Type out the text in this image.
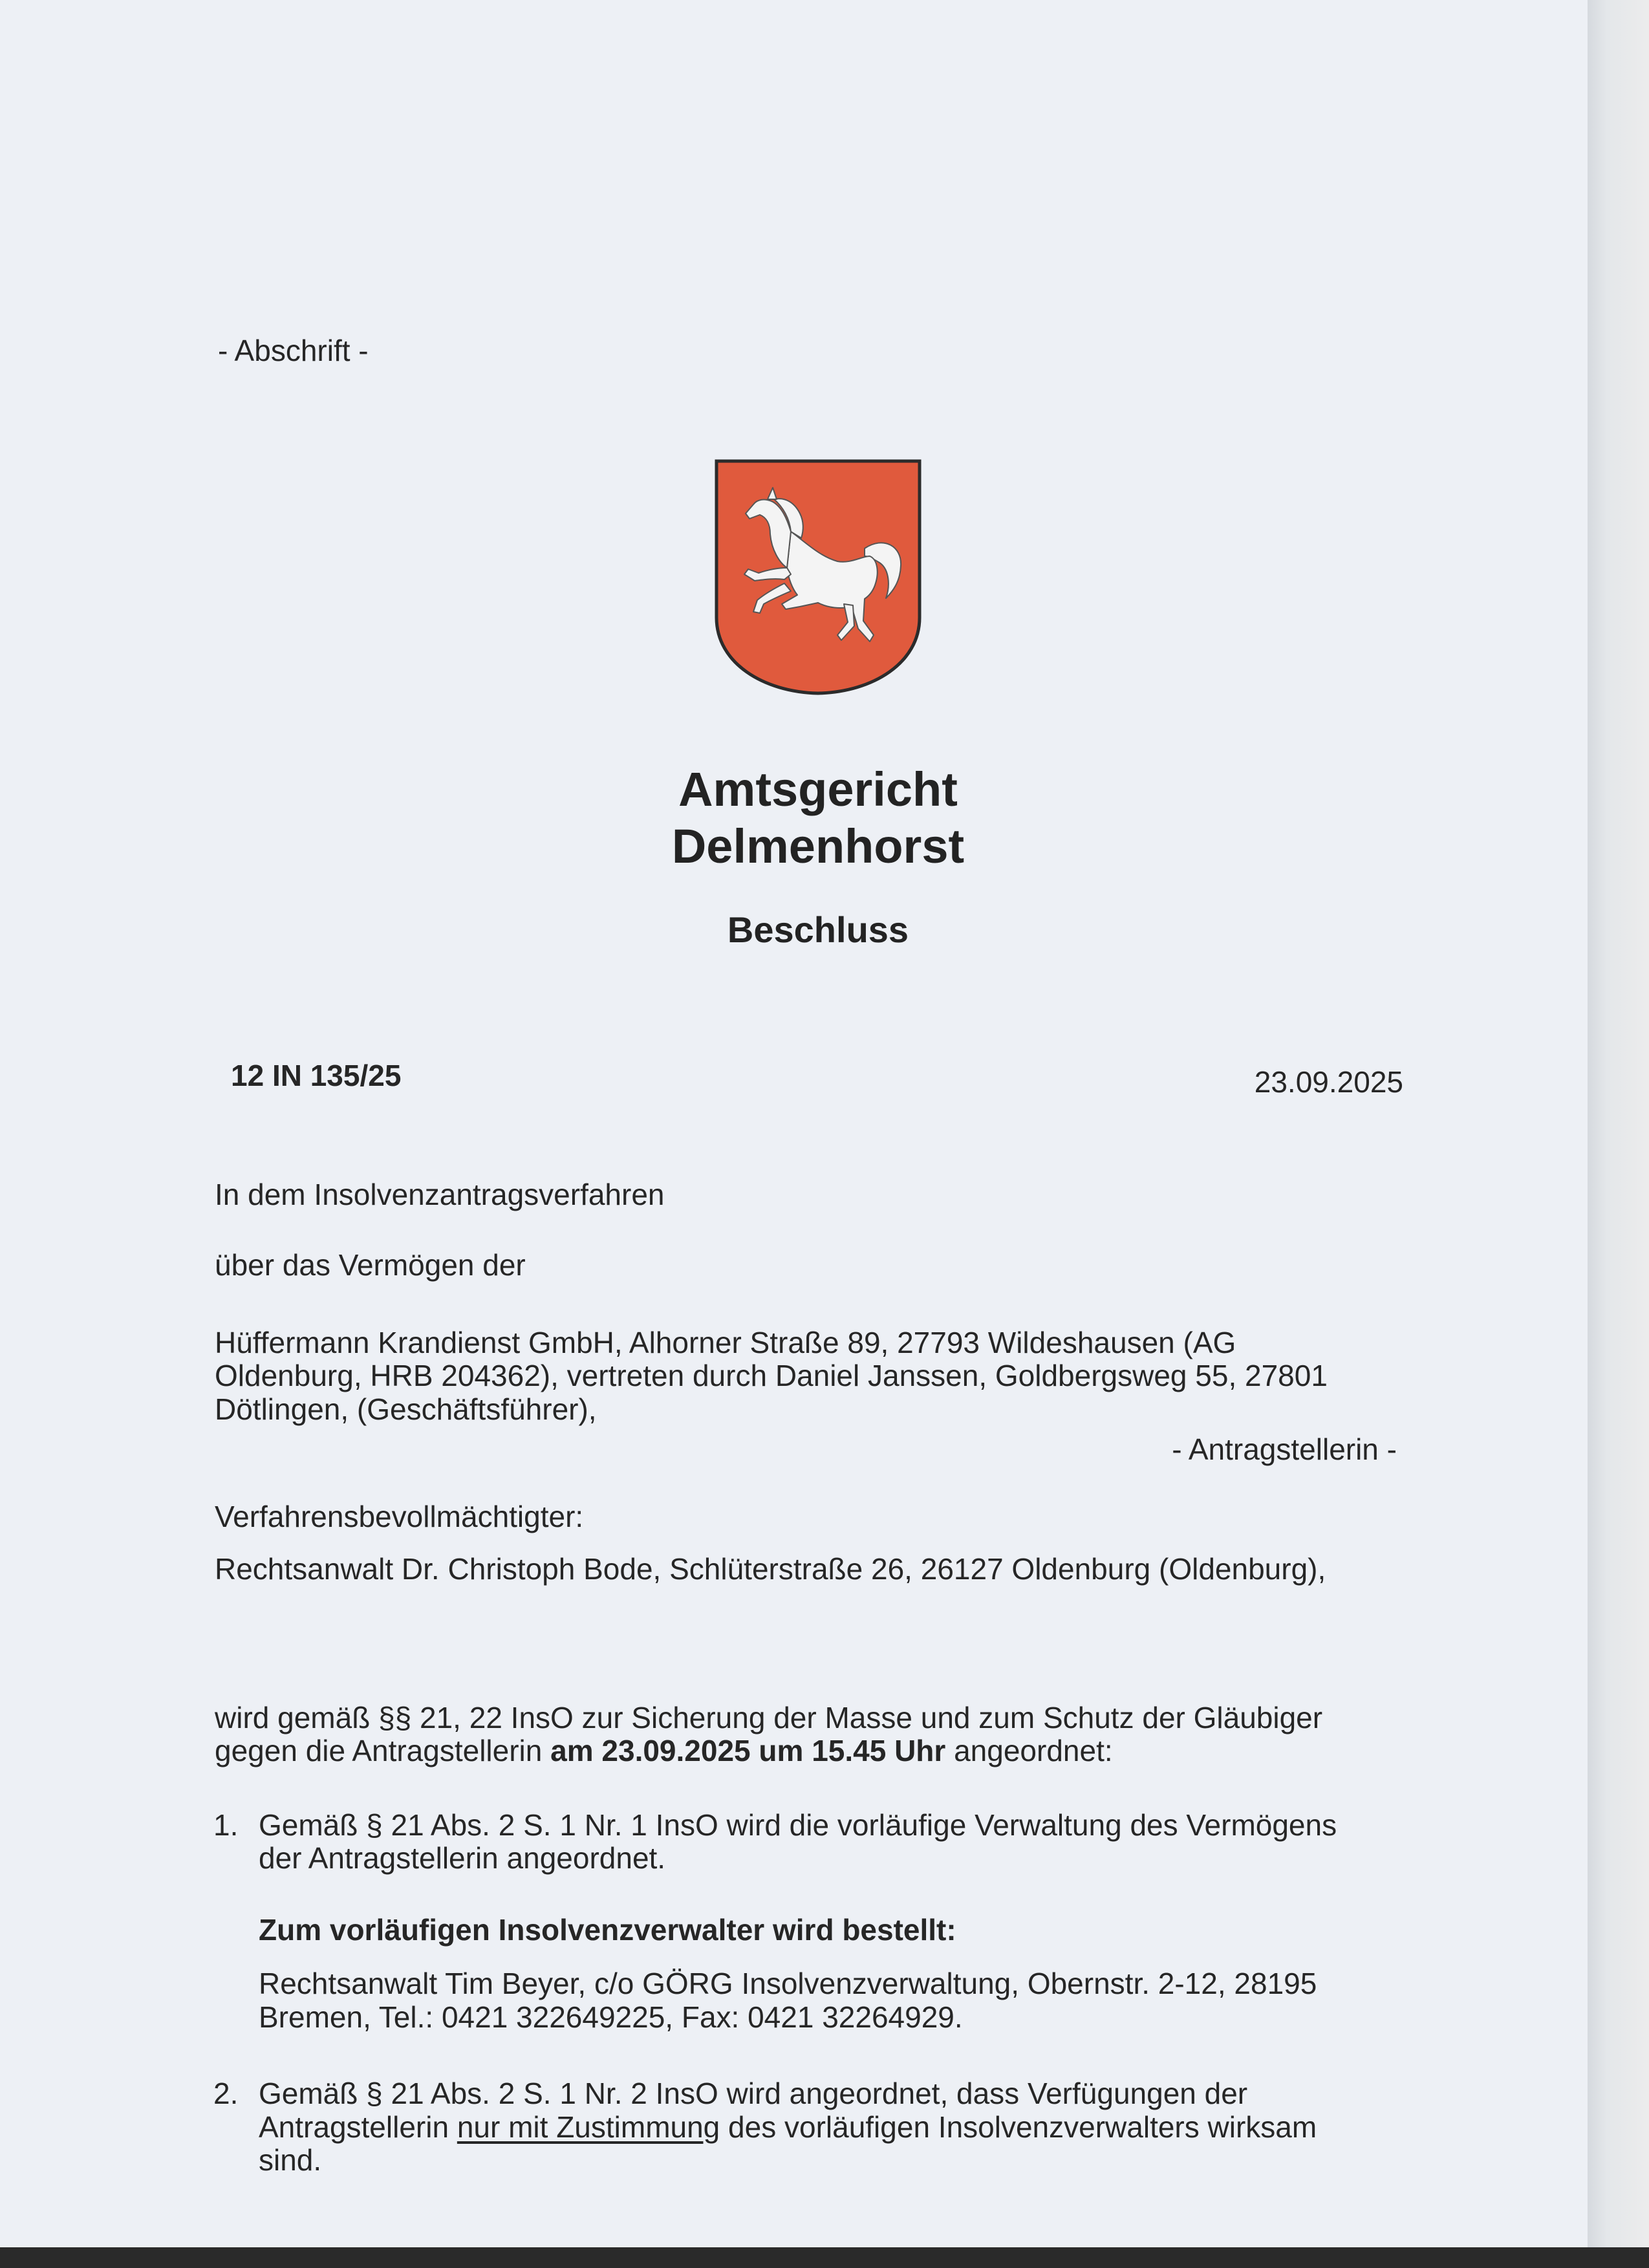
- Abschrift -
Amtsgericht
Delmenhorst
Beschluss
12 IN 135/25	23.09.2025
In dem Insolvenzantragsverfahren
über das Vermögen der
Hüffermann Krandienst GmbH, Alhorner Straße 89, 27793 Wildeshausen (AG
Oldenburg, HRB 204362), vertreten durch Daniel Janssen, Goldbergsweg 55, 27801
Dötlingen, (Geschäftsführer),
- Antragstellerin -
Verfahrensbevollmächtigter:
Rechtsanwalt Dr. Christoph Bode, Schlüterstraße 26, 26127 Oldenburg (Oldenburg),
wird gemäß §§ 21, 22 InsO zur Sicherung der Masse und zum Schutz der Gläubiger
gegen die Antragstellerin am 23.09.2025 um 15.45 Uhr angeordnet:
1. Gemäß § 21 Abs. 2 S. 1 Nr. 1 InsO wird die vorläufige Verwaltung des Vermögens
der Antragstellerin angeordnet.
Zum vorläufigen Insolvenzverwalter wird bestellt:
Rechtsanwalt Tim Beyer, c/o GÖRG Insolvenzverwaltung, Obernstr. 2-12, 28195
Bremen, Tel.: 0421 322649225, Fax: 0421 32264929.
2. Gemäß § 21 Abs. 2 S. 1 Nr. 2 InsO wird angeordnet, dass Verfügungen der
Antragstellerin nur mit Zustimmung des vorläufigen Insolvenzverwalters wirksam
sind.
